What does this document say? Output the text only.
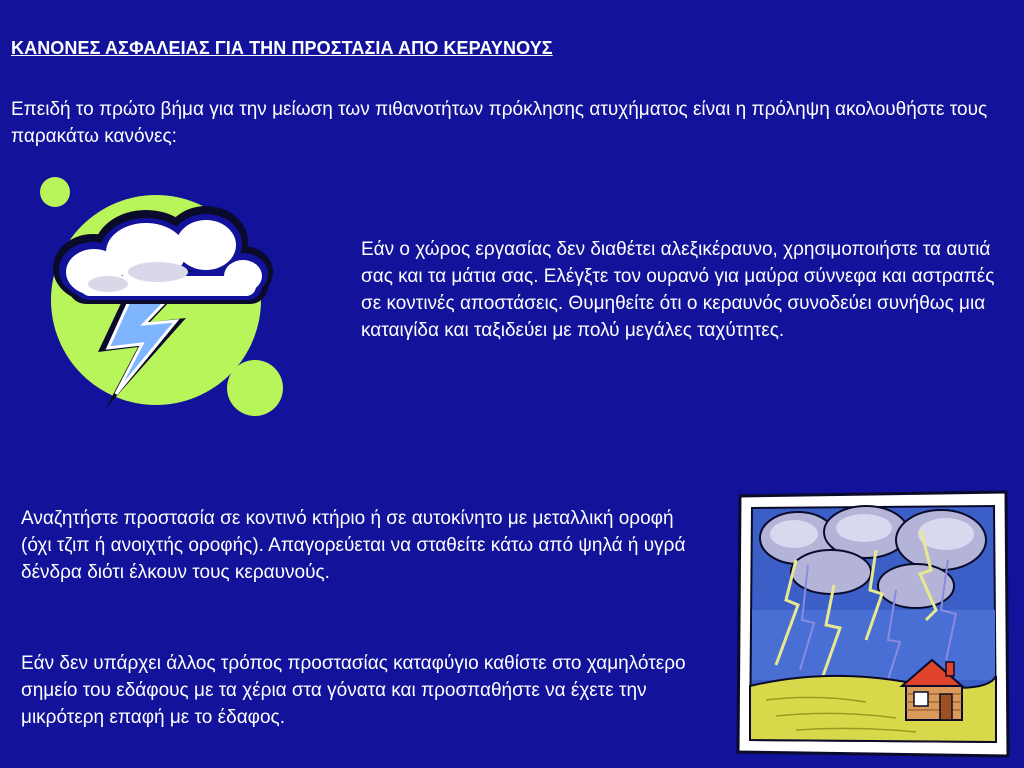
ΚΑΝΟΝΕΣ ΑΣΦΑΛΕΙΑΣ ΓΙΑ ΤΗΝ ΠΡΟΣΤΑΣΙΑ ΑΠΟ ΚΕΡΑΥΝΟΥΣ
Επειδή το πρώτο βήμα για την μείωση των πιθανοτήτων πρόκλησης ατυχήματος είναι η πρόληψη ακολουθήστε τους παρακάτω κανόνες:
Εάν ο χώρος εργασίας δεν διαθέτει αλεξικέραυνο, χρησιμοποιήστε τα αυτιά σας και τα μάτια σας. Ελέγξτε τον ουρανό για μαύρα σύννεφα και αστραπές σε κοντινές αποστάσεις. Θυμηθείτε ότι ο κεραυνός συνοδεύει συνήθως μια καταιγίδα και ταξιδεύει με πολύ μεγάλες ταχύτητες.
Αναζητήστε προστασία σε κοντινό κτήριο ή σε αυτοκίνητο με μεταλλική οροφή (όχι τζιπ ή ανοιχτής οροφής). Απαγορεύεται να σταθείτε κάτω από ψηλά ή υγρά δένδρα διότι έλκουν τους κεραυνούς.
Εάν δεν υπάρχει άλλος τρόπος προστασίας καταφύγιο καθίστε στο χαμηλότερο σημείο του εδάφους με τα χέρια στα γόνατα και προσπαθήστε να έχετε την μικρότερη επαφή με το έδαφος.
